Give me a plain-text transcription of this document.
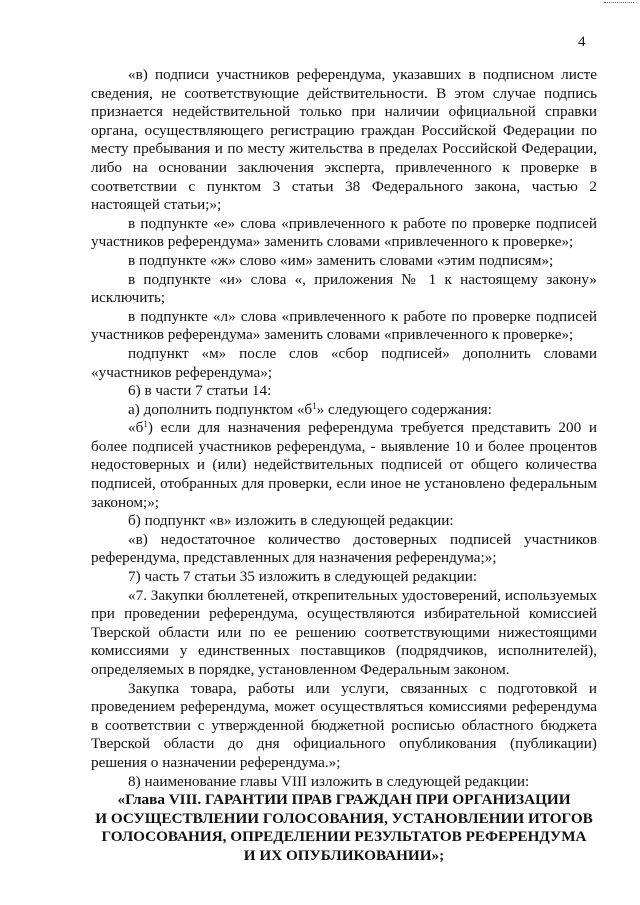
4

«в) подписи участников референдума, указавших в подписном листе сведения, не соответствующие действительности. В этом случае подпись признается недействительной только при наличии официальной справки органа, осуществляющего регистрацию граждан Российской Федерации по месту пребывания и по месту жительства в пределах Российской Федерации, либо на основании заключения эксперта, привлеченного к проверке в соответствии с пунктом 3 статьи 38 Федерального закона, частью 2 настоящей статьи;»;

в подпункте «е» слова «привлеченного к работе по проверке подписей участников референдума» заменить словами «привлеченного к проверке»;

в подпункте «ж» слово «им» заменить словами «этим подписям»;

в подпункте «и» слова «, приложения № 1 к настоящему закону» исключить;

в подпункте «л» слова «привлеченного к работе по проверке подписей участников референдума» заменить словами «привлеченного к проверке»;

подпункт «м» после слов «сбор подписей» дополнить словами «участников референдума»;

6) в части 7 статьи 14:

а) дополнить подпунктом «$б^1$» следующего содержания:

«$б^1$) если для назначения референдума требуется представить 200 и более подписей участников референдума, - выявление 10 и более процентов недостоверных и (или) недействительных подписей от общего количества подписей, отобранных для проверки, если иное не установлено федеральным законом;»;

б) подпункт «в» изложить в следующей редакции:

«в) недостаточное количество достоверных подписей участников референдума, представленных для назначения референдума;»;

7) часть 7 статьи 35 изложить в следующей редакции:

«7. Закупки бюллетеней, открепительных удостоверений, используемых при проведении референдума, осуществляются избирательной комиссией Тверской области или по ее решению соответствующими нижестоящими комиссиями у единственных поставщиков (подрядчиков, исполнителей), определяемых в порядке, установленном Федеральным законом.

Закупка товара, работы или услуги, связанных с подготовкой и проведением референдума, может осуществляться комиссиями референдума в соответствии с утвержденной бюджетной росписью областного бюджета Тверской области до дня официального опубликования (публикации) решения о назначении референдума.»;

8) наименование главы VIII изложить в следующей редакции:

«Глава VIII. ГАРАНТИИ ПРАВ ГРАЖДАН ПРИ ОРГАНИЗАЦИИ
И ОСУЩЕСТВЛЕНИИ ГОЛОСОВАНИЯ, УСТАНОВЛЕНИИ ИТОГОВ
ГОЛОСОВАНИЯ, ОПРЕДЕЛЕНИИ РЕЗУЛЬТАТОВ РЕФЕРЕНДУМА
И ИХ ОПУБЛИКОВАНИИ»;
